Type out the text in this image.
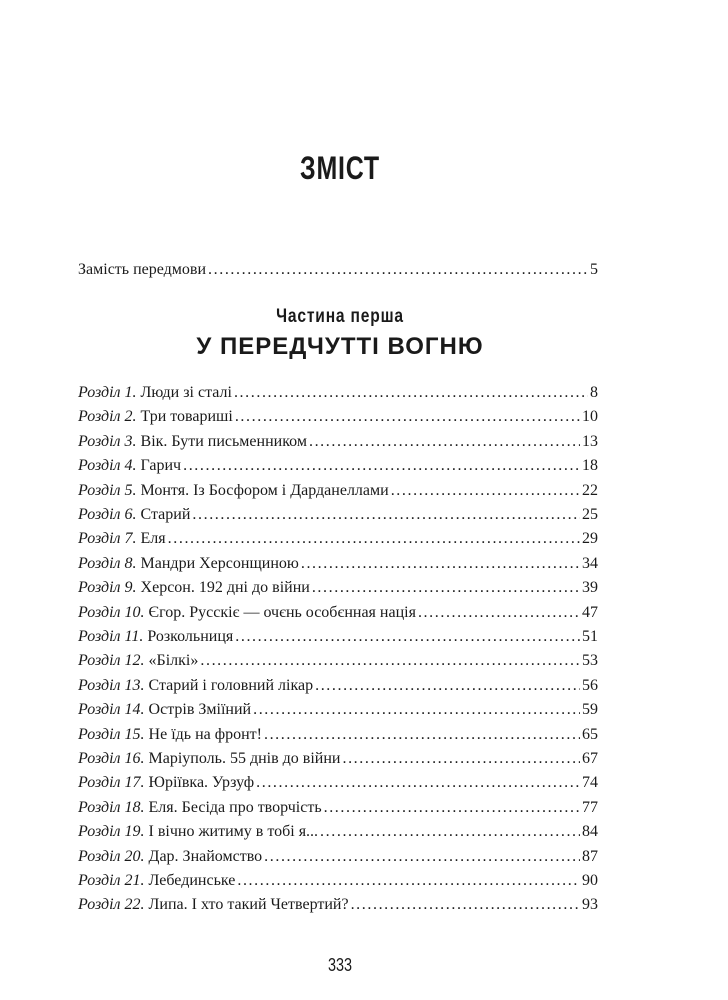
ЗМІСТ
Замість передмови . . .	5
Частина перша
У ПЕРЕДЧУТТІ ВОГНЮ
Розділ 1. Люди зі сталі . . .	8
Розділ 2. Три товариші . . .	10
Розділ 3. Вік. Бути письменником . . .	13
Розділ 4. Гарич . . .	18
Розділ 5. Монтя. Із Босфором і Дарданеллами . . .	22
Розділ 6. Старий . . .	25
Розділ 7. Еля . . .	29
Розділ 8. Мандри Херсонщиною . . .	34
Розділ 9. Херсон. 192 дні до війни . . .	39
Розділ 10. Єгор. Русскіє — очєнь особєнная нація . . .	47
Розділ 11. Розкольниця . . .	51
Розділ 12. «Білкі» . . .	53
Розділ 13. Старий і головний лікар . . .	56
Розділ 14. Острів Зміїний . . .	59
Розділ 15. Не їдь на фронт! . . .	65
Розділ 16. Маріуполь. 55 днів до війни . . .	67
Розділ 17. Юріївка. Урзуф . . .	74
Розділ 18. Еля. Бесіда про творчість . . .	77
Розділ 19. І вічно житиму в тобі я... . . .	84
Розділ 20. Дар. Знайомство . . .	87
Розділ 21. Лебединське . . .	90
Розділ 22. Липа. І хто такий Четвертий? . . .	93
333
